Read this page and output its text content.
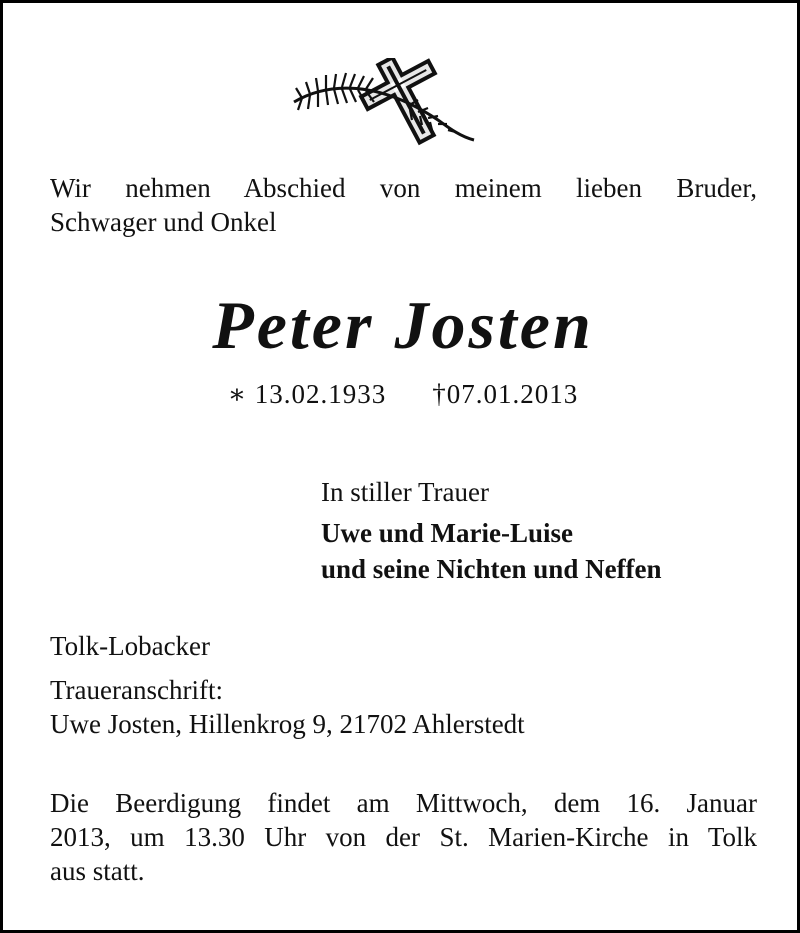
Wir nehmen Abschied von meinem lieben Bruder,
Schwager und Onkel
Peter Josten
∗ 13.02.1933 †07.01.2013
In stiller Trauer
Uwe und Marie-Luise
und seine Nichten und Neffen
Tolk-Lobacker
Traueranschrift:
Uwe Josten, Hillenkrog 9, 21702 Ahlerstedt
Die Beerdigung findet am Mittwoch, dem 16. Januar
2013, um 13.30 Uhr von der St. Marien-Kirche in Tolk
aus statt.
